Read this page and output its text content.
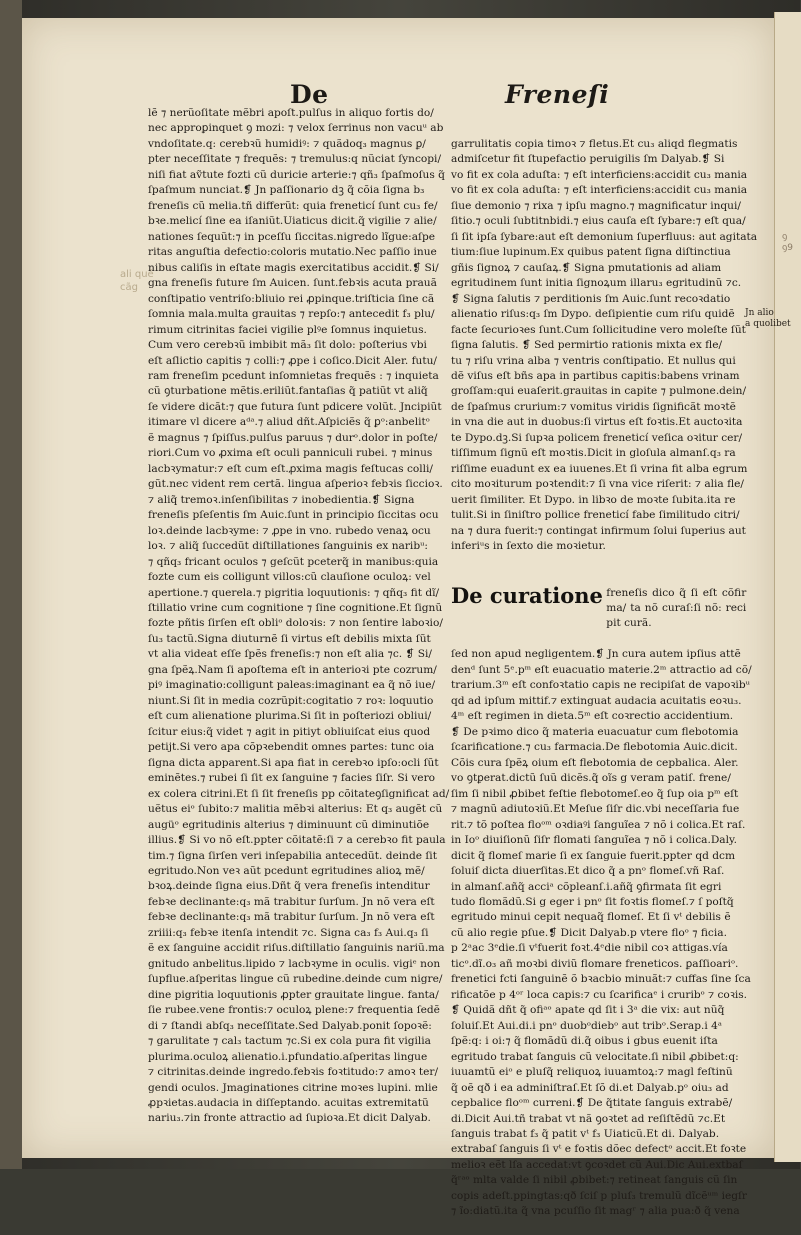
ꝯ
ꝯ9
De	Freneſi
ali quē
cãg
Jn alio
a quolibet
lẽ ⁊ nerũoſitate mẽbri apoſt.pulſus in aliquo fortis do/
nec approꝑinquet ꝯ mozi: ⁊ velox ſerrinus non vacuᵘ ab
vndoſitate.q: cerebꝛũ humidiꝰ: ⁊ quãdoq₃ magnus ꝑ/
pter neceſſitate ⁊ frequẽs: ⁊ tremulus:q nũciat ſyncopi/
niſi fiat aṽtute fozti cũ duricie arterie:⁊ qñ₃ ſpaſmoſus q̃
ſpaſmum nunciat.❡ Jn paſſionario dꝫ q̃ cõia ſigna b₃
freneſis cũ melia.tñ differũt: quia freneticí ſunt cu₃ fe/
bꝛe.melicí ſine ea iſaniũt.Uiaticus dicit.q̃ vigilie ⁊ alie/
nationes ſequũt:⁊ in pceſſu ſiccitas.nigredo lĩgue:aſpe
ritas anguſtia defectio:coloris mutatio.Nec paſſio inue
nibus caliſis in eſtate magis exercitatibus accidit.❡ Si/
gna freneſis future ſm Auicen. ſunt.febꝛis acuta prauã
conſtipatio ventriſo:bliuio rei ꝓpinque.triſticia ſine cã
ſomnia mala.multa grauitas ⁊ repſo:⁊ antecedit f₃ plu/
rimum citrinitas faciei vigilie plꝰe ſomnus inquietus.
Cum vero cerebꝛũ imbibit mã₃ ſit dolo: poſterius vbi
eſt aſlictio capitis ⁊ colli:⁊ ꝓpe i coſico.Dicit Aler. futu/
ram freneſim pcedunt inſomnietas frequẽs : ⁊ inquieta
cũ ꝯturbatione mẽtis.eriliũt.fantaſias q̃ patiũt vt aliq̃
ſe videre dicãt:⁊ que futura ſunt pdicere volũt. Jncipiũt
itimare vl dicere aᵈᵃ.⁊ aliud dñt.Aſpiciẽs q̃ ꝑᵒ:anbelitᵒ
ẽ magnus ⁊ ſpiſſus.pulſus paruus ⁊ durᵒ.dolor in poſte/
riori.Cum vo ꝓxima eſt oculi panniculi rubei. ⁊ minus
lacbꝛymatur:⁊ eſt cum eſt.ꝓxima magis feſtucas colli/
gũt.nec vident rem certã. lingua aſperioꝛ febꝛis ſiccioꝛ.
⁊ aliq̃ tremoꝛ.inſenſibilitas ⁊ inobedientia.❡ Signa
freneſis pſeſentis ſm Auic.ſunt in principio ſiccitas ocu
loꝛ.deinde lacbꝛyme: ⁊ ꝓpe in vno. rubedo venaꝝ ocu
loꝛ. ⁊ aliq̃ ſuccedũt diſtillationes ſanguinis ex naribᵘ:
⁊ qñq₃ fricant oculos ⁊ geſcũt pceterq̃ in manibus:quia
fozte cum eis colligunt villos:cũ clauſione oculoꝝ: vel
apertione.⁊ querela.⁊ pigritia loquutionis: ⁊ qñq₃ fit dĩ/
ſtillatio vrine cum cognitione ⁊ ſine cognitione.Et ſignũ
fozte pñtis ſirſen eſt obliᵒ doloꝛis: ⁊ non ſentire laboꝛio/
ſu₃ tactũ.Signa diuturnẽ ſi virtus eſt debilis mixta ſũt
vt alia videat eſſe ſpẽs freneſis:⁊ non eſt alia ⁊c. ❡ Si/
gna ſpẽꝝ.Nam ſi apoſtema eſt in anterioꝛi pte cozrum/
piꝰ imaginatio:colligunt paleas:imaginant ea q̃ nõ iue/
niunt.Si ſit in media cozrũpit:cogitatio ⁊ roꝛ: loquutio
eſt cum alienatione plurima.Si ſit in poſteriozi obliui/
ſcitur eius:q̃ videt ⁊ agit in pitiyt obliuiſcat eius quod
petijt.Si vero apa cõpꝛebendit omnes partes: tunc oia
ſigna dicta apparent.Si apa fiat in cerebꝛo ipſo:ocli ſũt
eminẽtes.⁊ rubei ſi ſit ex ſanguine ⁊ facies ſiſr. Si vero
ex colera citrini.Et ſi ſit freneſis pp cõitateꝯſignificat ad/
uẽtus eiᵒ ſubito:⁊ malitia mẽbꝛi alterius: Et q₃ augẽt cũ
augüᵒ egritudinis alterius ⁊ diminuunt cũ diminutiõe
illius.❡ Si vo nõ eſt.ppter cõitatẽ:ſi ⁊ a cerebꝛo fit paula
tim.⁊ ſigna ſirſen veri inſepabilia antecedũt. deinde ſit
egritudo.Non veꝛ aũt pcedunt egritudines alioꝝ mẽ/
bꝛoꝝ.deinde ſigna eius.Dñt q̃ vera freneſis intenditur
febꝛe declinante:q₃ mã trabitur ſurſum. Jn nõ vera eſt
febꝛe declinante:q₃ mã trabitur ſurſum. Jn nõ vera eſt
zriiii:q₃ febꝛe itenſa intendit ⁊c. Signa ca₃ f₃ Aui.q₃ ſi
ẽ ex ſanguine accidit riſus.diſtillatio ſanguinis nariũ.ma
gnitudo anbelitus.lipido ⁊ lacbꝛyme in oculis. vigiᵉ non
ſupflue.aſperitas lingue cũ rubedine.deinde cum nigre/
dine pigritia loquutionis ꝓpter grauitate lingue. fanta/
ſie rubee.vene frontis:⁊ oculoꝝ plene:⁊ frequentia ſedẽ
di ⁊ ſtandi abſq₃ neceſſitate.Sed Dalyab.ponit ſopoꝛẽ:
⁊ garulitate ⁊ cal₃ tactum ⁊c.Si ex cola pura fit vigilia
plurima.oculoꝝ alienatio.i.pfundatio.aſperitas lingue
⁊ citrinitas.deinde ingredo.febꝛis foꝛtitudo:⁊ amoꝛ ter/
gendi oculos. Jmaginationes citrine moꝛes lupini. mlie
ꝓpꝛietas.audacia in diſſeptando. acuitas extremitatũ
nariu₃.⁊in fronte attractio ad ſupioꝛa.Et dicit Dalyab.

garrulitatis copia timoꝛ ⁊ fletus.Et cu₃ aliqd flegmatis
admiſcetur fit ſtupefactio peruigilis ſm Dalyab.❡ Si
vo fit ex cola aduſta: ⁊ eſt interficiens:accidit cu₃ mania
vo fit ex cola aduſta: ⁊ eſt interficiens:accidit cu₃ mania
ſiue demonio ⁊ rixa ⁊ ipſu magno.⁊ magnificatur inqui/
ſitio.⁊ oculi ſubtitnbidi.⁊ eius cauſa eſt ſybare:⁊ eſt qua/
ſi ſit ipſa ſybare:aut eſt demonium ſuperfluus: aut agitata
tium:ſiue lupinum.Ex quibus patent ſigna diſtinctiua
gñis ſignoꝝ ⁊ cauſaꝝ.❡ Signa pmutationis ad aliam
egritudinem ſunt initia ſignoꝝum illaru₃ egritudinũ ⁊c.
❡ Signa ſalutis ⁊ perditionis ſm Auic.ſunt recoꝛdatio
alienatio riſus:q₃ ſm Dypo. deſipientie cum riſu quidẽ
facte ſecurioꝛes ſunt.Cum ſollicitudine vero moleſte ſũt
ſigna ſalutis. ❡ Sed permirtio rationis mixta ex fle/
tu ⁊ riſu vrina alba ⁊ ventris conſtipatio. Et nullus qui
dẽ viſus eſt bñs apa in partibus capitis:babens vrinam
groſſam:qui euaſerit.grauitas in capite ⁊ pulmone.dein/
de ſpaſmus crurium:⁊ vomitus viridis ſignificãt moꝛtẽ
in vna die aut in duobus:ſi virtus eſt foꝛtis.Et auctoꝛita
te Dypo.dꝫ.Si ſupꝛa policem freneticí veſica oꝛitur cer/
tiſſimum ſignũ eſt moꝛtis.Dicit in gloſula almanſ.q₃ ra
riſſime euadunt ex ea iuuenes.Et ſi vrina fit alba egrum
cito moꝛiturum poꝛtendit:⁊ ſi vna vice riſerit: ⁊ alia fle/
uerit ſimiliter. Et Dypo. in libꝛo de moꝛte ſubita.ita re
tulit.Si in ſiniſtro pollice freneticí fabe ſimilitudo citri/
na ⁊ dura fuerit:⁊ contingat infirmum ſolui ſuperius aut
inferiᵘs in ſexto die moꝛietur.

De curatione freneſis dico q̃ ſi eſt cõfirma/ ta nõ curaſ:ſi nõ: recipit curã.

ſed non apud negligentem.❡ Jn cura autem ipſius attẽ
denᵈ ſunt 5ᵉ.pᵐ eſt euacuatio materie.2ᵐ attractio ad cõ/
trarium.3ᵐ eſt confoꝛtatio capis ne recipiſat de vapoꝛibᵘ
qd ad ipſum mittif.⁊ extinguat audacia acuitatis eoꝛu₃.
4ᵐ eſt regimen in dieta.5ᵐ eſt coꝛrectio accidentium.
❡ De pꝛimo dico q̃ materia euacuatur cum flebotomia
ſcarificatione.⁊ cu₃ farmacia.De flebotomia Auic.dicit.
Cõis cura ſpẽꝝ oium eſt flebotomia de cepbalica. Aler.
vo ꝯtꝑerat.dictũ ſuũ dicẽs.q̃ oĩs g veram patiſ. frene/
ſim ſi nibil ꝓbibet feſtie flebotomeſ.eo q̃ ſup oia pᵐ eſt
⁊ magnũ adiutoꝛiũ.Et Meſue ſiſr dic.vbi neceſſaria fue
rit.⁊ tõ poſtea floᵒᵐ oꝛdiaꝰi ſanguĩea ⁊ nõ i colica.Et raſ.
in Ioᵒ diuiſionũ ſiſr flomati ſanguĩea ⁊ nõ i colica.Daly.
dicit q̃ flomeſ marie ſi ex ſanguie fuerit.ppter qd dcm
ſoluiſ dicta diuerſitas.Et dico q̃ a pnᵒ flomeſ.vñ Raſ.
in almanſ.añq̃ acciᵃ cõpleanſ.i.añq̃ ꝯfirmata ſit egri
tudo flomãdũ.Si g eger i pnᵒ ſit foꝛtis flomeſ.⁊ ſ poſtq̃
egritudo minui cepit nequaq̃ flomeſ. Et ſi vᵗ debilis ẽ
cũ alio regie pſue.❡ Dicit Dalyab.p vtere floᵒ ⁊ ficia.
p 2ᵃac 3ᵉdie.ſi vᵗfuerit foꝛt.4ᵉdie nibil coꝛ attigas.vía
ticᵒ.dĩ.o₃ añ moꝛbi diviũ flomare freneticos. ꝑaſſioariᵒ.
frenetici fcti ſanguinẽ õ bꝛacbio minuãt:⁊ cuffas ſine ſca
rificatõe p 4ᵒʳ loca capis:⁊ cu ſcarificaᵉ i cruribᵒ ⁊ coꝛis.
❡ Quidã dñt q̃ ofiᵃᵒ apate qd ſit i 3ᵃ die vix: aut nũq̃
ſoluiſ.Et Aui.di.i pnᵒ duobᵒdiebᵒ aut tribᵒ.Serap.i 4ᵃ
ſpẽ:q: i oi:⁊ q̃ flomãdũ di.q̃ oibus i gbus euenit iſta
egritudo trabat ſanguis cũ velocitate.ſi nibil ꝓbibet:q:
iuuamtũ eiᵒ e pluſq̃ reliquoꝝ iuuamtoꝝ:⁊ magl feſtinũ
q̃ oẽ qð i ea adminiſtraſ.Et ſõ di.et Dalyab.pᵒ oiu₃ ad
cepbalice floᵒᵐ curreni.❡ De q̃titate ſanguis extrabẽ/
di.Dicit Aui.tñ trabat vt nã ꝯoꝛtet ad reſiſtẽdũ ⁊c.Et
ſanguis trabat f₃ q̃ patit vᵗ f₃ Uiaticũ.Et di. Dalyab.
extrabaſ ſanguis ſi vᵗ e foꝛtis dõec defectᵒ accit.Et foꝛte
melioꝛ eẽt lſa accedat:vt ꝯcoꝛdet cũ Aui.Dic Aui.extbaſ
q̃ʳᵃᵒ mlta valde ſi nibil ꝓbibet:⁊ retineat ſanguis cũ ſin
copis adeſt.ppingtas:qð ſciſ p pluſ₃ tremulũ dĩcẽᵘᵐ iegſr
⁊ ĩo:diatũ.ita q̃ vna pcuſſio ſit magʳ ⁊ alia pua:ð q̃ vena
